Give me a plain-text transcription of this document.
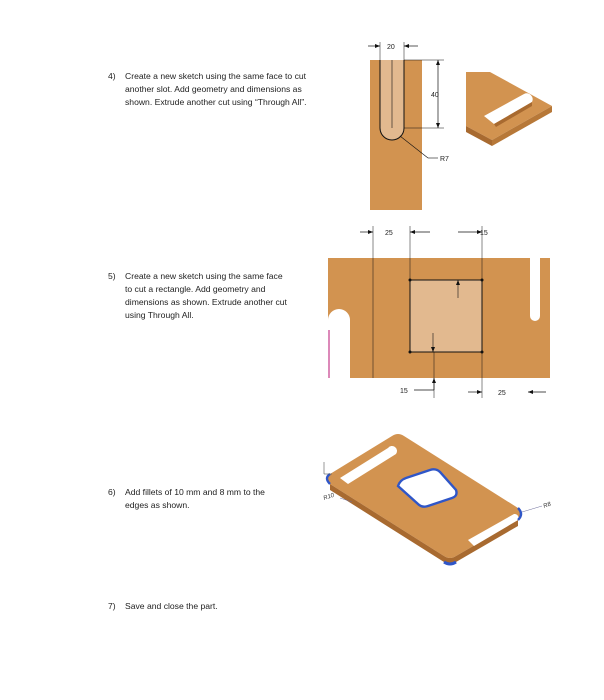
4) Create a new sketch using the same face to cut
another slot. Add geometry and dimensions as
shown. Extrude another cut using “Through All”.
5) Create a new sketch using the same face
to cut a rectangle. Add geometry and
dimensions as shown. Extrude another cut
using Through All.
6) Add fillets of 10 mm and 8 mm to the
edges as shown.
7) Save and close the part.
20
40
R7
25	15
15	25
R10
R8
